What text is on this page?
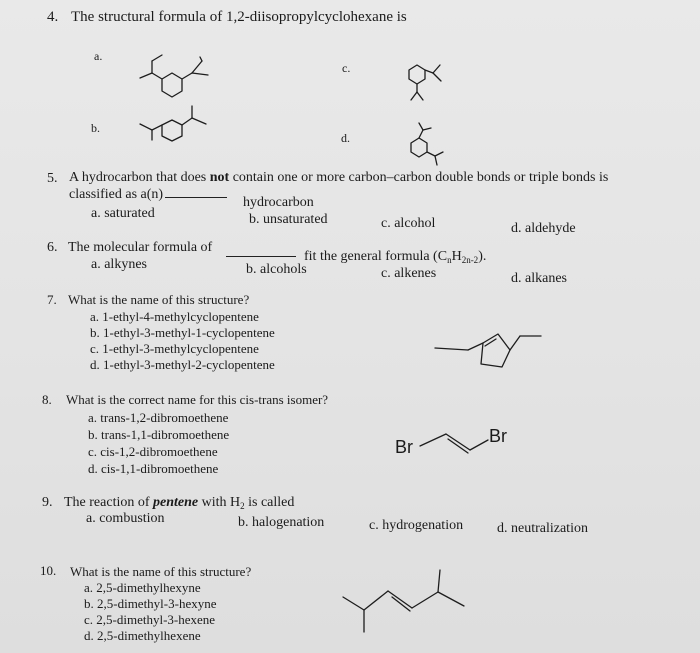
4. The structural formula of 1,2-diisopropylcyclohexane is
a.
b.
c.
d.
5. A hydrocarbon that does not contain one or more carbon–carbon double bonds or triple bonds is
classified as a(n)
hydrocarbon
a. saturated	b. unsaturated	c. alcohol	d. aldehyde
6. The molecular formula of
fit the general formula $(C_nH_{2n-2})$.
a. alkynes	b. alcohols	c. alkenes	d. alkanes
7. What is the name of this structure?
a. 1-ethyl-4-methylcyclopentene
b. 1-ethyl-3-methyl-1-cyclopentene
c. 1-ethyl-3-methylcyclopentene
d. 1-ethyl-3-methyl-2-cyclopentene
8. What is the correct name for this cis-trans isomer?
a. trans-1,2-dibromoethene
b. trans-1,1-dibromoethene
c. cis-1,2-dibromoethene
d. cis-1,1-dibromoethene
Br
Br
9. The reaction of pentene with $H_2$ is called
a. combustion	b. halogenation	c. hydrogenation d. neutralization
10. What is the name of this structure?
a. 2,5-dimethylhexyne
b. 2,5-dimethyl-3-hexyne
c. 2,5-dimethyl-3-hexene
d. 2,5-dimethylhexene
